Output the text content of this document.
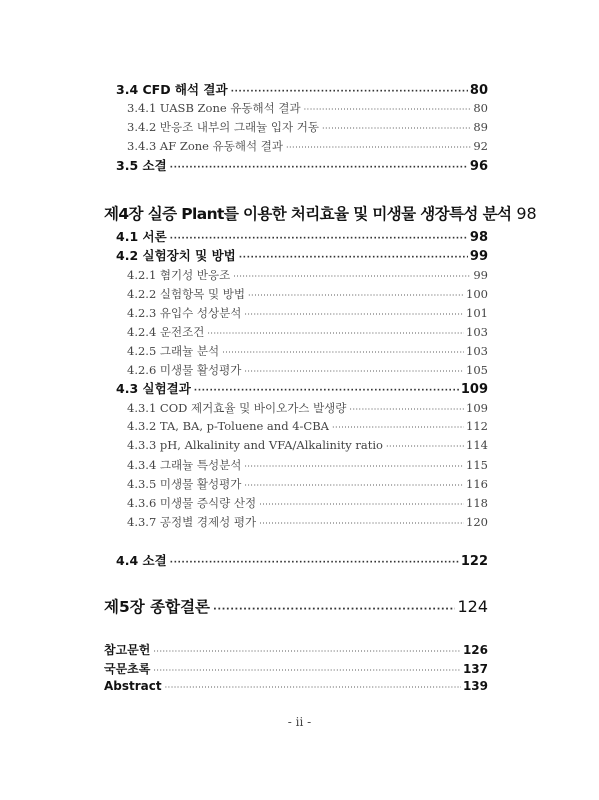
3.4 CFD 해석 결과 ·····	80
3.4.1 UASB Zone 유동해석 결과 ·····	80
3.4.2 반응조 내부의 그래뉼 입자 거동 ·····	89
3.4.3 AF Zone 유동해석 결과 ·····	92
3.5 소결 ·····	96
제4장 실증 Plant를 이용한 처리효율 및 미생물 생장특성 분석 98
4.1 서론 ·····	98
4.2 실험장치 및 방법 ·····	99
4.2.1 혐기성 반응조 ·····	99
4.2.2 실험항목 및 방법 ·····	100
4.2.3 유입수 성상분석 ·····	101
4.2.4 운전조건 ·····	103
4.2.5 그래뉼 분석 ·····	103
4.2.6 미생물 활성평가 ·····	105
4.3 실험결과 ·····	109
4.3.1 COD 제거효율 및 바이오가스 발생량 ·····	109
4.3.2 TA, BA, p-Toluene and 4-CBA ·····	112
4.3.3 pH, Alkalinity and VFA/Alkalinity ratio ·····	114
4.3.4 그래뉼 특성분석 ·····	115
4.3.5 미생물 활성평가 ·····	116
4.3.6 미생물 증식량 산정 ·····	118
4.3.7 공정별 경제성 평가 ·····	120
4.4 소결 ·····	122
제5장 종합결론 ·····	124
참고문헌 ·····	126
국문초록 ·····	137
Abstract ·····	139
- ii -
